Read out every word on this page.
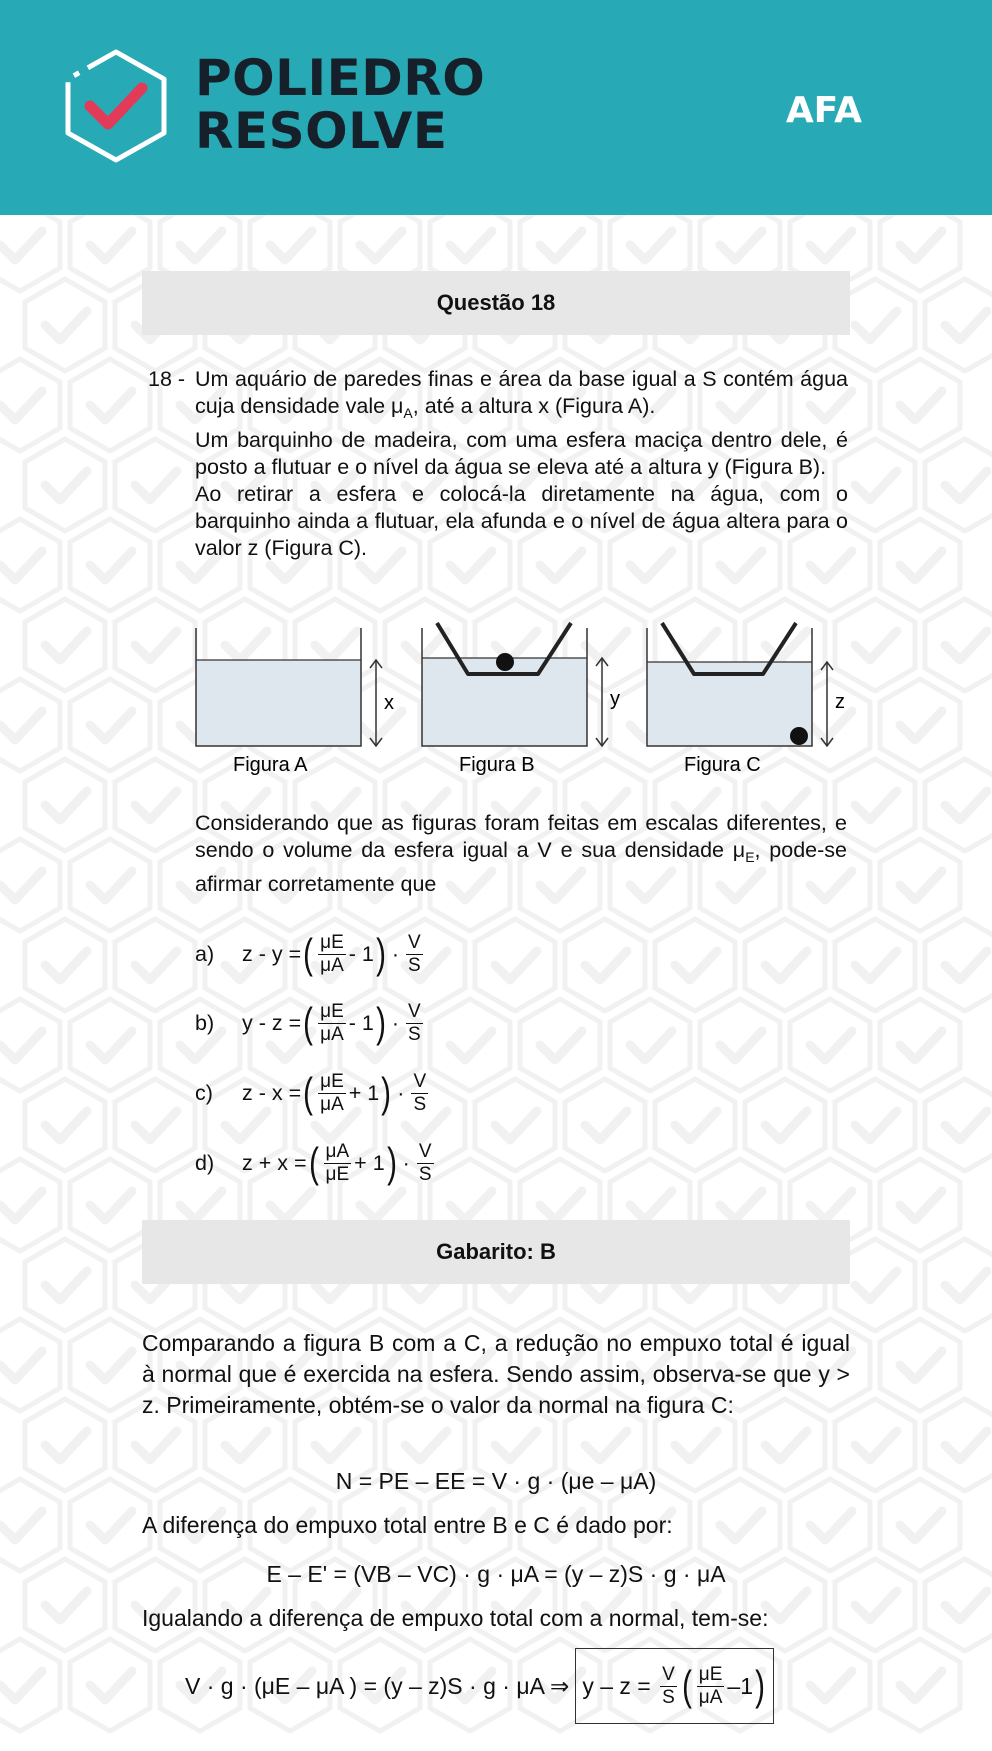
POLIEDRO
RESOLVE	AFA
Questão 18
18 - Um aquário de paredes finas e área da base igual a S contém água cuja densidade vale $\mu_A$, até a altura x (Figura A).

Um barquinho de madeira, com uma esfera maciça dentro dele, é posto a flutuar e o nível da água se eleva até a altura y (Figura B).

Ao retirar a esfera e colocá-la diretamente na água, com o barquinho ainda a flutuar, ela afunda e o nível de água altera para o valor z (Figura C).

x
Figura A
y
Figura B
z
Figura C

Considerando que as figuras foram feitas em escalas diferentes, e sendo o volume da esfera igual a V e sua densidade $\mu_E$, pode-se afirmar corretamente que

a)	z - y = ( $\frac{\mu E}{\mu A} - 1$ ) · $\frac{V}{S}$
b)	y - z = ( $\frac{\mu E}{\mu A} - 1$ ) · $\frac{V}{S}$
c)	z - x = ( $\frac{\mu E}{\mu A} + 1$ ) · $\frac{V}{S}$
d)	z + x = ( $\frac{\mu A}{\mu E} + 1$ ) · $\frac{V}{S}$
Gabarito: B

Comparando a figura B com a C, a redução no empuxo total é igual à normal que é exercida na esfera. Sendo assim, observa-se que y > z. Primeiramente, obtém-se o valor da normal na figura C:

N = PE – EE = V · g · (μe – μA)
A diferença do empuxo total entre B e C é dado por:
E – E' = (VB – VC) · g · μA = (y – z)S · g · μA
Igualando a diferença de empuxo total com a normal, tem-se:
V · g · (μE – μA ) = (y – z)S · g · μA ⇒ y – z =
$\frac{V}{S}$ ( $\frac{\mu E}{\mu A} -1$ )
